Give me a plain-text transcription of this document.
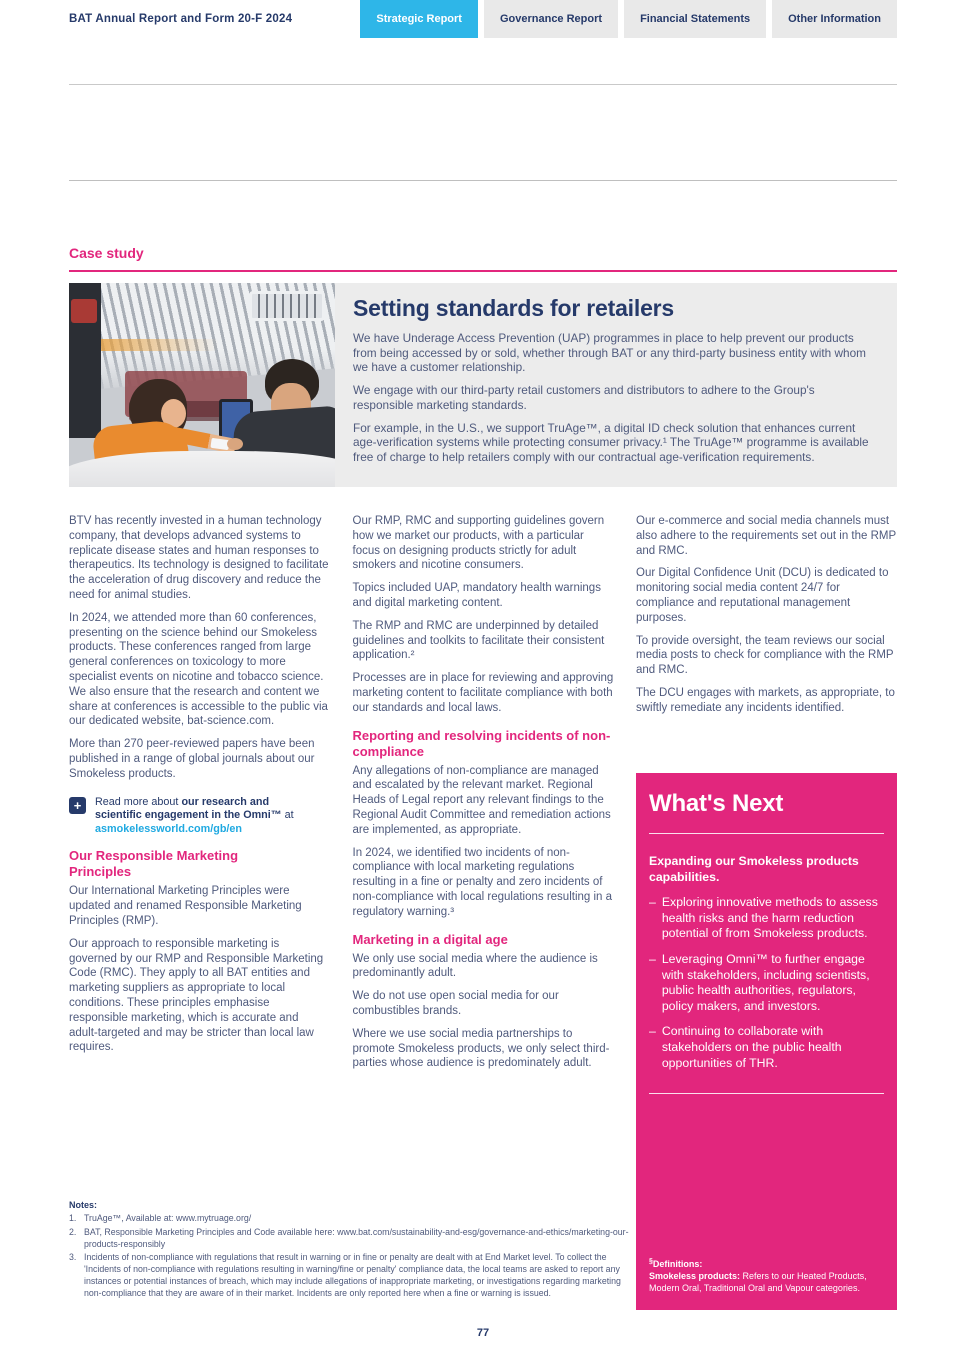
BAT Annual Report and Form 20-F 2024	Strategic Report	Governance Report	Financial Statements	Other Information
Case study
Setting standards for retailers

We have Underage Access Prevention (UAP) programmes in place to help prevent our products from being accessed by or sold, whether through BAT or any third-party business entity with whom we have a customer relationship.

We engage with our third-party retail customers and distributors to adhere to the Group's responsible marketing standards.

For example, in the U.S., we support TruAge™, a digital ID check solution that enhances current age-verification systems while protecting consumer privacy.¹ The TruAge™ programme is available free of charge to help retailers comply with our contractual age-verification requirements.

BTV has recently invested in a human technology company, that develops advanced systems to replicate disease states and human responses to therapeutics. Its technology is designed to facilitate the acceleration of drug discovery and reduce the need for animal studies.

In 2024, we attended more than 60 conferences, presenting on the science behind our Smokeless products. These conferences ranged from large general conferences on toxicology to more specialist events on nicotine and tobacco science. We also ensure that the research and content we share at conferences is accessible to the public via our dedicated website, bat-science.com.

More than 270 peer-reviewed papers have been published in a range of global journals about our Smokeless products.

+	Read more about our research and scientific engagement in the Omni™ at asmokelessworld.com/gb/en
Our Responsible Marketing Principles

Our International Marketing Principles were updated and renamed Responsible Marketing Principles (RMP).

Our approach to responsible marketing is governed by our RMP and Responsible Marketing Code (RMC). They apply to all BAT entities and marketing suppliers as appropriate to local conditions. These principles emphasise responsible marketing, which is accurate and adult-targeted and may be stricter than local law requires.

Our RMP, RMC and supporting guidelines govern how we market our products, with a particular focus on designing products strictly for adult smokers and nicotine consumers.

Topics included UAP, mandatory health warnings and digital marketing content.

The RMP and RMC are underpinned by detailed guidelines and toolkits to facilitate their consistent application.²

Processes are in place for reviewing and approving marketing content to facilitate compliance with both our standards and local laws.

Reporting and resolving incidents of non-compliance

Any allegations of non-compliance are managed and escalated by the relevant market. Regional Heads of Legal report any relevant findings to the Regional Audit Committee and remediation actions are implemented, as appropriate.

In 2024, we identified two incidents of non-compliance with local marketing regulations resulting in a fine or penalty and zero incidents of non-compliance with local regulations resulting in a regulatory warning.³

Marketing in a digital age

We only use social media where the audience is predominantly adult.

We do not use open social media for our combustibles brands.

Where we use social media partnerships to promote Smokeless products, we only select third-parties whose audience is predominately adult.

Our e-commerce and social media channels must also adhere to the requirements set out in the RMP and RMC.

Our Digital Confidence Unit (DCU) is dedicated to monitoring social media content 24/7 for compliance and reputational management purposes.

To provide oversight, the team reviews our social media posts to check for compliance with the RMP and RMC.

The DCU engages with markets, as appropriate, to swiftly remediate any incidents identified.

What's Next

Expanding our Smokeless products capabilities.

– Exploring innovative methods to assess health risks and the harm reduction potential of from Smokeless products.
– Leveraging Omni™ to further engage with stakeholders, including scientists, public health authorities, regulators, policy makers, and investors.
– Continuing to collaborate with stakeholders on the public health opportunities of THR.
§Definitions:
Smokeless products: Refers to our Heated Products, Modern Oral, Traditional Oral and Vapour categories.
Notes:
1. TruAge™, Available at: www.mytruage.org/
2. BAT, Responsible Marketing Principles and Code available here: www.bat.com/sustainability-and-esg/governance-and-ethics/marketing-our-products-responsibly
3. Incidents of non-compliance with regulations that result in warning or in fine or penalty are dealt with at End Market level. To collect the 'Incidents of non-compliance with regulations resulting in warning/fine or penalty' compliance data, the local teams are asked to report any instances or potential instances of breach, which may include allegations of inappropriate marketing, or investigations regarding marketing non-compliance that they are aware of in their market. Incidents are only reported here when a fine or warning is issued.
77
